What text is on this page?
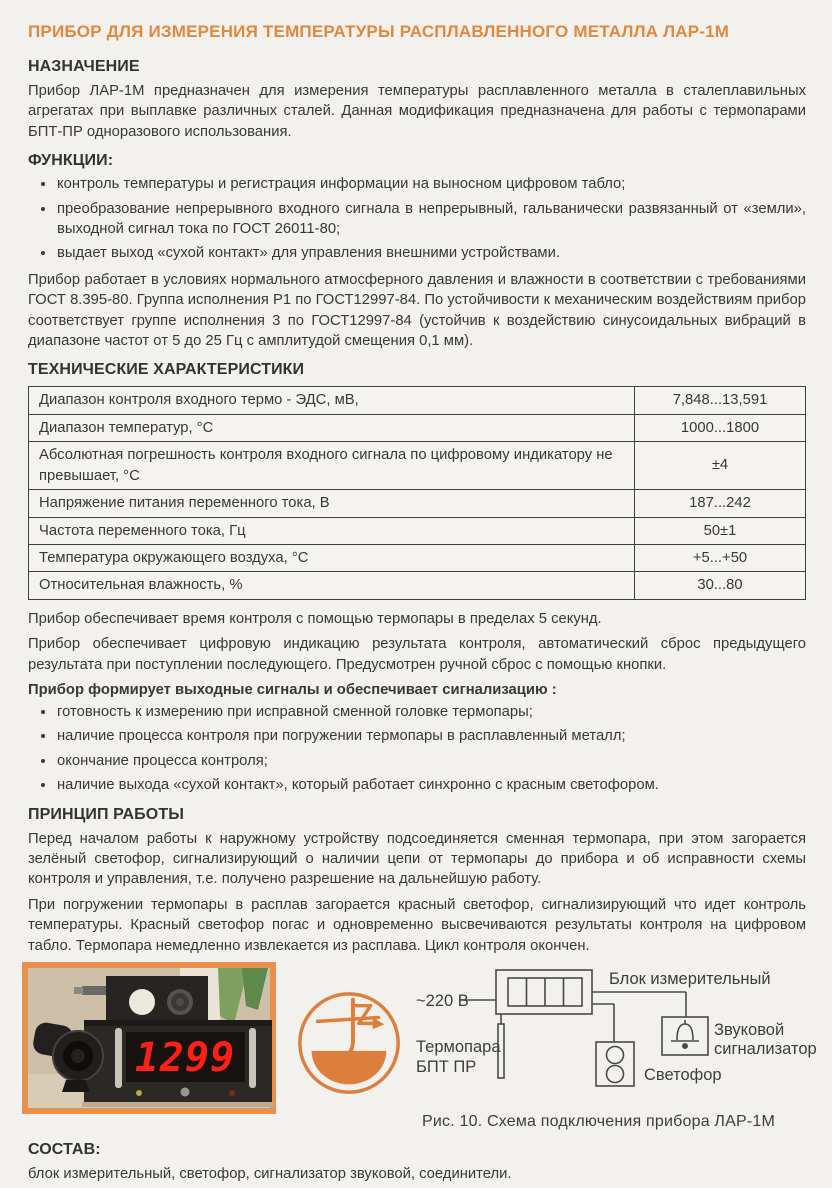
ПРИБОР ДЛЯ ИЗМЕРЕНИЯ ТЕМПЕРАТУРЫ РАСПЛАВЛЕННОГО МЕТАЛЛА ЛАР-1М
НАЗНАЧЕНИЕ

Прибор ЛАР-1М предназначен для измерения температуры расплавленного металла в сталеплавильных агрегатах при выплавке различных сталей. Данная модификация предназначена для работы с термопарами БПТ-ПР одноразового использования.

ФУНКЦИИ:
• контроль температуры и регистрация информации на выносном цифровом табло;
• преобразование непрерывного входного сигнала в непрерывный, гальванически развязанный от «земли», выходной сигнал тока по ГОСТ 26011-80;
• выдает выход «сухой контакт» для управления внешними устройствами.

Прибор работает в условиях нормального атмосферного давления и влажности в соответствии с требованиями ГОСТ 8.395-80. Группа исполнения Р1 по ГОСТ12997-84. По устойчивости к механическим воздействиям прибор соответствует группе исполнения 3 по ГОСТ12997-84 (устойчив к воздействию синусоидальных вибраций в диапазоне частот от 5 до 25 Гц с амплитудой смещения 0,1 мм).

ТЕХНИЧЕСКИЕ ХАРАКТЕРИСТИКИ
Диапазон контроля входного термо - ЭДС, мВ,	7,848...13,591
Диапазон температур, °С	1000...1800
Абсолютная погрешность контроля входного сигнала по цифровому индикатору не превышает, °С	±4
Напряжение питания переменного тока, В	187...242
Частота переменного тока, Гц	50±1
Температура окружающего воздуха, °С	+5...+50
Относительная влажность, %	30...80

Прибор обеспечивает время контроля с помощью термопары в пределах 5 секунд.

Прибор обеспечивает цифровую индикацию результата контроля, автоматический сброс предыдущего результата при поступлении последующего. Предусмотрен ручной сброс с помощью кнопки.

Прибор формирует выходные сигналы и обеспечивает сигнализацию :

• готовность к измерению при исправной сменной головке термопары;
• наличие процесса контроля при погружении термопары в расплавленный металл;
• окончание процесса контроля;
• наличие выхода «сухой контакт», который работает синхронно с красным светофором.
ПРИНЦИП РАБОТЫ

Перед началом работы к наружному устройству подсоединяется сменная термопара, при этом загорается зелёный светофор, сигнализирующий о наличии цепи от термопары до прибора и об исправности схемы контроля и управления, т.е. получено разрешение на дальнейшую работу.

При погружении термопары в расплав загорается красный светофор, сигнализирующий что идет контроль температуры. Красный светофор погас и одновременно высвечиваются результаты контроля на цифровом табло. Термопара немедленно извлекается из расплава. Цикл контроля окончен.

1299
~220 В
Блок измерительный
Термопара
БПТ ПР
Звуковой
сигнализатор
Светофор
Рис. 10. Схема подключения прибора ЛАР-1М
СОСТАВ:

блок измерительный, светофор, сигнализатор звуковой, соединители.
